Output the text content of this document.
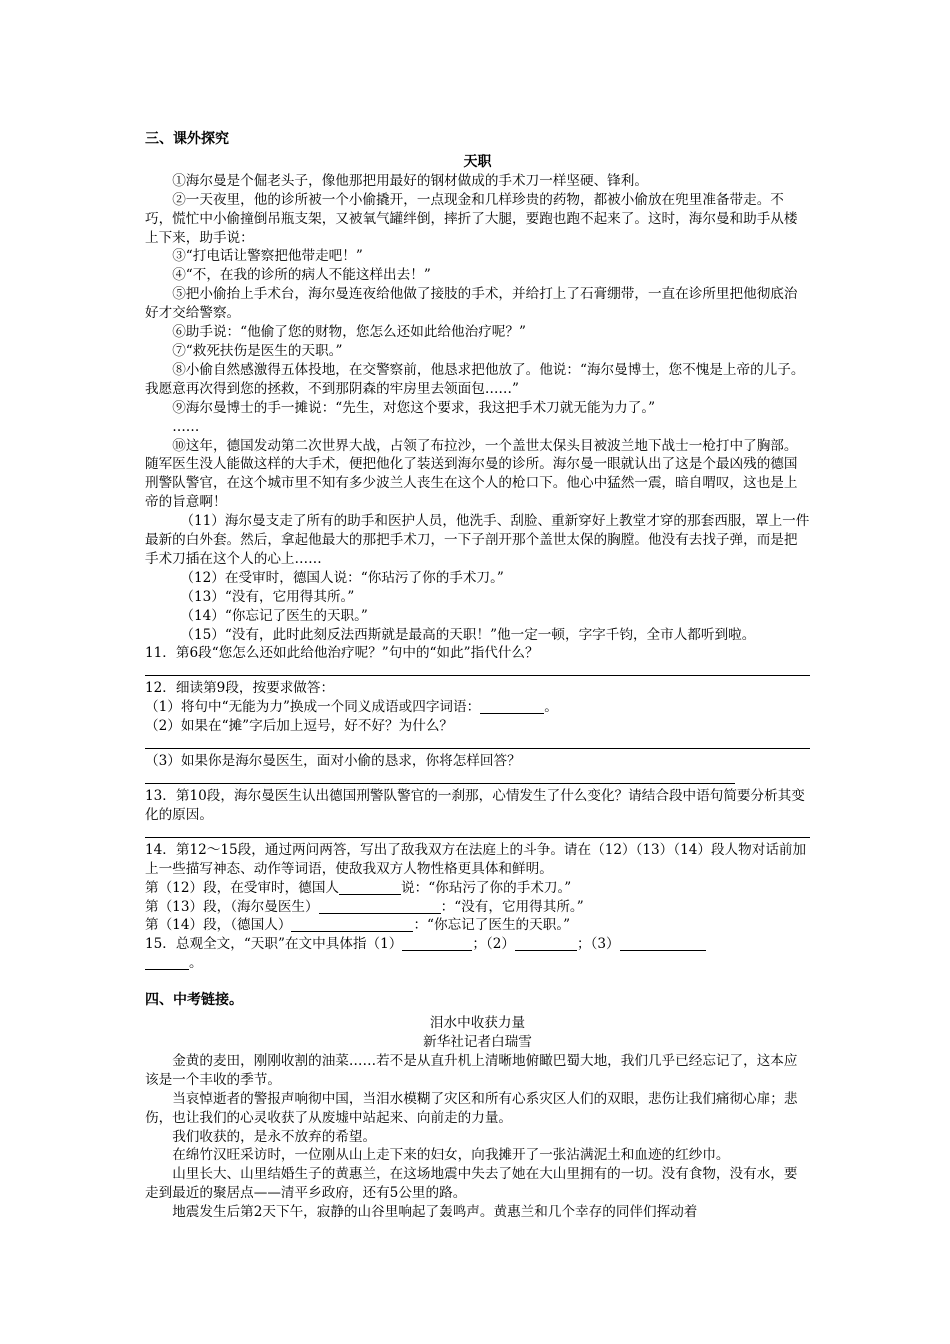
三、课外探究
天职

①海尔曼是个倔老头子，像他那把用最好的钢材做成的手术刀一样坚硬、锋利。

②一天夜里，他的诊所被一个小偷撬开，一点现金和几样珍贵的药物，都被小偷放在兜里准备带走。不巧，慌忙中小偷撞倒吊瓶支架，又被氧气罐绊倒，摔折了大腿，要跑也跑不起来了。这时，海尔曼和助手从楼上下来，助手说：

③“打电话让警察把他带走吧！”

④“不，在我的诊所的病人不能这样出去！”

⑤把小偷抬上手术台，海尔曼连夜给他做了接肢的手术，并给打上了石膏绷带，一直在诊所里把他彻底治好才交给警察。

⑥助手说：“他偷了您的财物，您怎么还如此给他治疗呢？”

⑦“救死扶伤是医生的天职。”

⑧小偷自然感激得五体投地，在交警察前，他恳求把他放了。他说：“海尔曼博士，您不愧是上帝的儿子。我愿意再次得到您的拯救，不到那阴森的牢房里去领面包……”

⑨海尔曼博士的手一摊说：“先生，对您这个要求，我这把手术刀就无能为力了。”

……

⑩这年，德国发动第二次世界大战，占领了布拉沙，一个盖世太保头目被波兰地下战士一枪打中了胸部。随军医生没人能做这样的大手术，便把他化了装送到海尔曼的诊所。海尔曼一眼就认出了这是个最凶残的德国刑警队警官，在这个城市里不知有多少波兰人丧生在这个人的枪口下。他心中猛然一震，暗自喟叹，这也是上帝的旨意啊！

（11）海尔曼支走了所有的助手和医护人员，他洗手、刮脸、重新穿好上教堂才穿的那套西服，罩上一件最新的白外套。然后，拿起他最大的那把手术刀，一下子剖开那个盖世太保的胸膛。他没有去找子弹，而是把手术刀插在这个人的心上……

（12）在受审时，德国人说：“你玷污了你的手术刀。”

（13）“没有，它用得其所。”

（14）“你忘记了医生的天职。”

（15）“没有，此时此刻反法西斯就是最高的天职！”他一定一顿，字字千钧，全市人都听到啦。

11．第6段“您怎么还如此给他治疗呢？”句中的“如此”指代什么？

12．细读第9段，按要求做答：

（1）将句中“无能为力”换成一个同义成语或四字词语：	。

（2）如果在“摊”字后加上逗号，好不好？为什么？

（3）如果你是海尔曼医生，面对小偷的恳求，你将怎样回答？

13．第10段，海尔曼医生认出德国刑警队警官的一刹那，心情发生了什么变化？请结合段中语句简要分析其变化的原因。

14．第12～15段，通过两问两答，写出了敌我双方在法庭上的斗争。请在（12）（13）（14）段人物对话前加上一些描写神态、动作等词语，使敌我双方人物性格更具体和鲜明。

第（12）段，在受审时，德国人	说：“你玷污了你的手术刀。”

第（13）段，（海尔曼医生）	：“没有，它用得其所。”

第（14）段，（德国人）	：“你忘记了医生的天职。”

15．总观全文，“天职”在文中具体指（1）	；（2）	；（3）
。

四、中考链接。

泪水中收获力量

新华社记者白瑞雪

金黄的麦田，刚刚收割的油菜……若不是从直升机上清晰地俯瞰巴蜀大地，我们几乎已经忘记了，这本应该是一个丰收的季节。

当哀悼逝者的警报声响彻中国，当泪水模糊了灾区和所有心系灾区人们的双眼，悲伤让我们痛彻心扉；悲伤，也让我们的心灵收获了从废墟中站起来、向前走的力量。

我们收获的，是永不放弃的希望。

在绵竹汉旺采访时，一位刚从山上走下来的妇女，向我摊开了一张沾满泥土和血迹的红纱巾。

山里长大、山里结婚生子的黄惠兰，在这场地震中失去了她在大山里拥有的一切。没有食物，没有水，要走到最近的聚居点——清平乡政府，还有5公里的路。

地震发生后第2天下午，寂静的山谷里响起了轰鸣声。黄惠兰和几个幸存的同伴们挥动着
